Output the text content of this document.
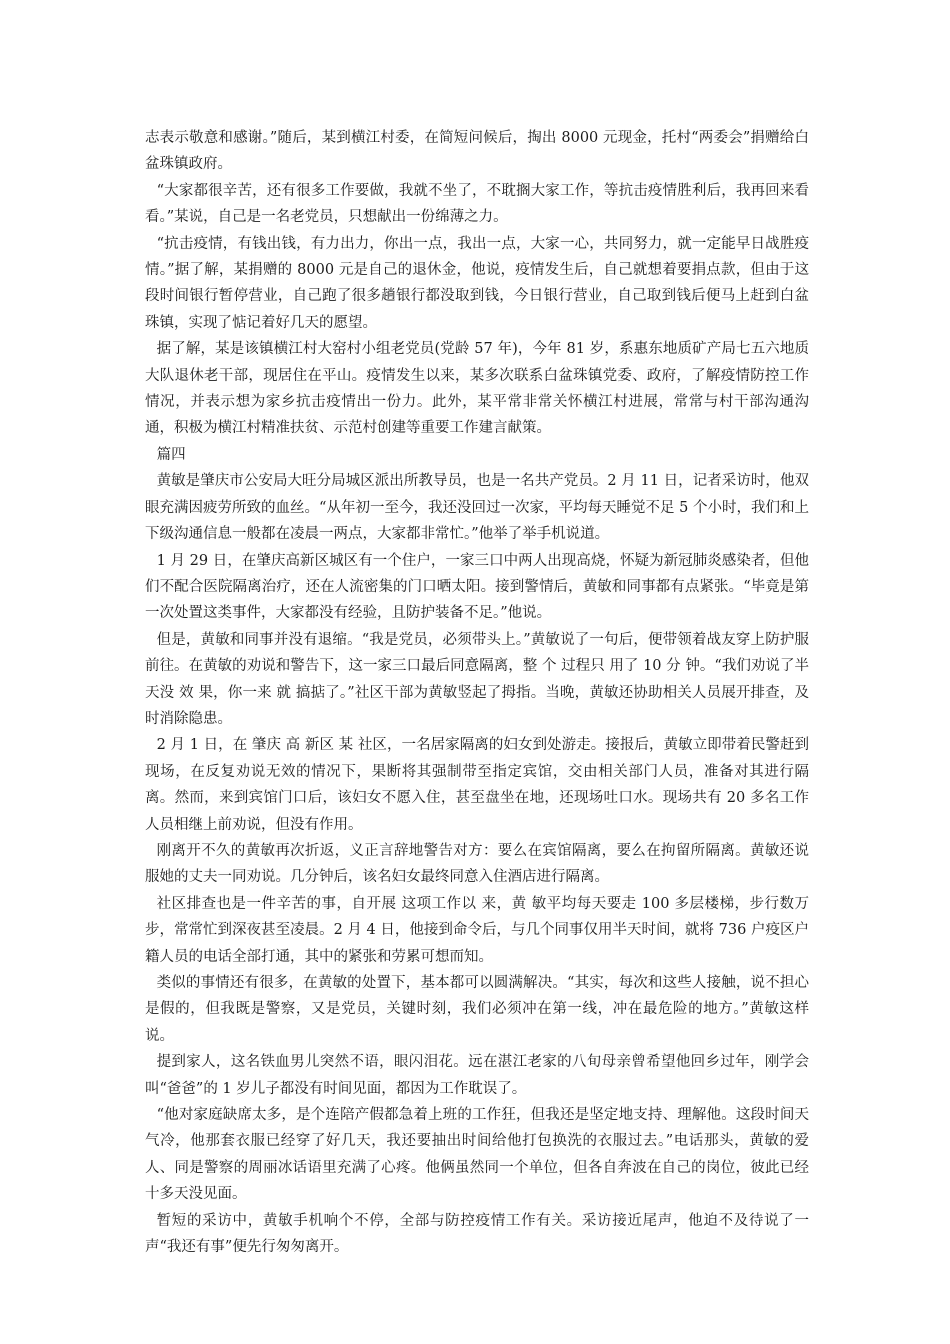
志表示敬意和感谢。”随后，某到横江村委，在简短问候后，掏出 8000 元现金，托村“两委会”捐赠给白盆珠镇政府。

“大家都很辛苦，还有很多工作要做，我就不坐了，不耽搁大家工作，等抗击疫情胜利后，我再回来看看。”某说，自己是一名老党员，只想献出一份绵薄之力。

“抗击疫情，有钱出钱，有力出力，你出一点，我出一点，大家一心，共同努力，就一定能早日战胜疫情。”据了解，某捐赠的 8000 元是自己的退休金，他说，疫情发生后，自己就想着要捐点款，但由于这段时间银行暂停营业，自己跑了很多趟银行都没取到钱，今日银行营业，自己取到钱后便马上赶到白盆珠镇，实现了惦记着好几天的愿望。

据了解，某是该镇横江村大窑村小组老党员(党龄 57 年)，今年 81 岁，系惠东地质矿产局七五六地质大队退休老干部，现居住在平山。疫情发生以来，某多次联系白盆珠镇党委、政府，了解疫情防控工作情况，并表示想为家乡抗击疫情出一份力。此外，某平常非常关怀横江村进展，常常与村干部沟通沟通，积极为横江村精准扶贫、示范村创建等重要工作建言献策。

篇四

黄敏是肇庆市公安局大旺分局城区派出所教导员，也是一名共产党员。2 月 11 日，记者采访时，他双眼充满因疲劳所致的血丝。“从年初一至今，我还没回过一次家，平均每天睡觉不足 5 个小时，我们和上下级沟通信息一般都在凌晨一两点，大家都非常忙。”他举了举手机说道。

1 月 29 日，在肇庆高新区城区有一个住户，一家三口中两人出现高烧，怀疑为新冠肺炎感染者，但他们不配合医院隔离治疗，还在人流密集的门口晒太阳。接到警情后，黄敏和同事都有点紧张。“毕竟是第一次处置这类事件，大家都没有经验，且防护装备不足。”他说。

但是，黄敏和同事并没有退缩。“我是党员，必须带头上。”黄敏说了一句后，便带领着战友穿上防护服前往。在黄敏的劝说和警告下，这一家三口最后同意隔离，整 个 过程只 用了 10 分 钟。“我们劝说了半天没 效 果，你一来 就 搞掂了。”社区干部为黄敏竖起了拇指。当晚，黄敏还协助相关人员展开排查，及时消除隐患。

2 月 1 日，在 肇庆 高 新区 某 社区，一名居家隔离的妇女到处游走。接报后，黄敏立即带着民警赶到现场，在反复劝说无效的情况下，果断将其强制带至指定宾馆，交由相关部门人员，准备对其进行隔离。然而，来到宾馆门口后，该妇女不愿入住，甚至盘坐在地，还现场吐口水。现场共有 20 多名工作人员相继上前劝说，但没有作用。

刚离开不久的黄敏再次折返，义正言辞地警告对方：要么在宾馆隔离，要么在拘留所隔离。黄敏还说服她的丈夫一同劝说。几分钟后，该名妇女最终同意入住酒店进行隔离。

社区排查也是一件辛苦的事，自开展 这项工作以 来，黄 敏平均每天要走 100 多层楼梯，步行数万步，常常忙到深夜甚至凌晨。2 月 4 日，他接到命令后，与几个同事仅用半天时间，就将 736 户疫区户籍人员的电话全部打通，其中的紧张和劳累可想而知。

类似的事情还有很多，在黄敏的处置下，基本都可以圆满解决。“其实，每次和这些人接触，说不担心是假的，但我既是警察，又是党员，关键时刻，我们必须冲在第一线，冲在最危险的地方。”黄敏这样说。

提到家人，这名铁血男儿突然不语，眼闪泪花。远在湛江老家的八旬母亲曾希望他回乡过年，刚学会叫“爸爸”的 1 岁儿子都没有时间见面，都因为工作耽误了。

“他对家庭缺席太多，是个连陪产假都急着上班的工作狂，但我还是坚定地支持、理解他。这段时间天气冷，他那套衣服已经穿了好几天，我还要抽出时间给他打包换洗的衣服过去。”电话那头，黄敏的爱人、同是警察的周丽冰话语里充满了心疼。他俩虽然同一个单位，但各自奔波在自己的岗位，彼此已经十多天没见面。

暂短的采访中，黄敏手机响个不停，全部与防控疫情工作有关。采访接近尾声，他迫不及待说了一声“我还有事”便先行匆匆离开。
